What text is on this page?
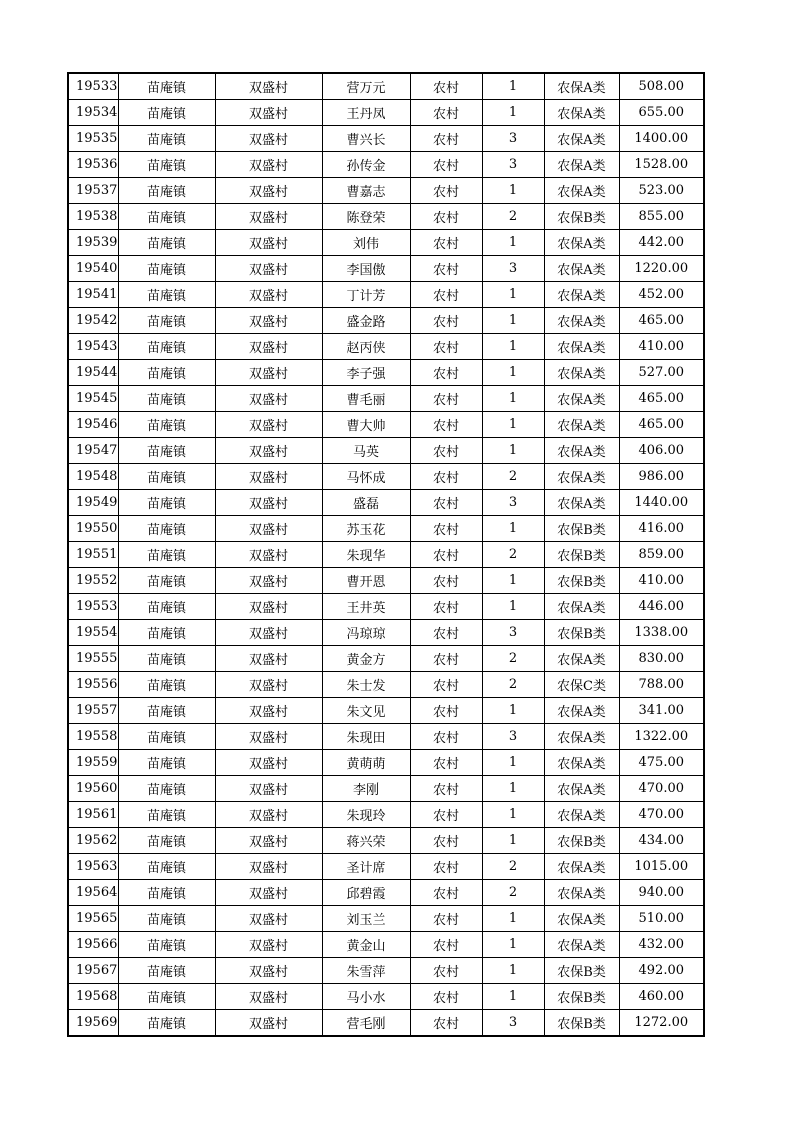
19533	苗庵镇	双盛村	营万元	农村	1	农保A类	508.00
19534	苗庵镇	双盛村	王丹凤	农村	1	农保A类	655.00
19535	苗庵镇	双盛村	曹兴长	农村	3	农保A类	1400.00
19536	苗庵镇	双盛村	孙传金	农村	3	农保A类	1528.00
19537	苗庵镇	双盛村	曹嘉志	农村	1	农保A类	523.00
19538	苗庵镇	双盛村	陈登荣	农村	2	农保B类	855.00
19539	苗庵镇	双盛村	刘伟	农村	1	农保A类	442.00
19540	苗庵镇	双盛村	李国傲	农村	3	农保A类	1220.00
19541	苗庵镇	双盛村	丁计芳	农村	1	农保A类	452.00
19542	苗庵镇	双盛村	盛金路	农村	1	农保A类	465.00
19543	苗庵镇	双盛村	赵丙侠	农村	1	农保A类	410.00
19544	苗庵镇	双盛村	李子强	农村	1	农保A类	527.00
19545	苗庵镇	双盛村	曹毛丽	农村	1	农保A类	465.00
19546	苗庵镇	双盛村	曹大帅	农村	1	农保A类	465.00
19547	苗庵镇	双盛村	马英	农村	1	农保A类	406.00
19548	苗庵镇	双盛村	马怀成	农村	2	农保A类	986.00
19549	苗庵镇	双盛村	盛磊	农村	3	农保A类	1440.00
19550	苗庵镇	双盛村	苏玉花	农村	1	农保B类	416.00
19551	苗庵镇	双盛村	朱现华	农村	2	农保B类	859.00
19552	苗庵镇	双盛村	曹开恩	农村	1	农保B类	410.00
19553	苗庵镇	双盛村	王井英	农村	1	农保A类	446.00
19554	苗庵镇	双盛村	冯琼琼	农村	3	农保B类	1338.00
19555	苗庵镇	双盛村	黄金方	农村	2	农保A类	830.00
19556	苗庵镇	双盛村	朱士发	农村	2	农保C类	788.00
19557	苗庵镇	双盛村	朱文见	农村	1	农保A类	341.00
19558	苗庵镇	双盛村	朱现田	农村	3	农保A类	1322.00
19559	苗庵镇	双盛村	黄萌萌	农村	1	农保A类	475.00
19560	苗庵镇	双盛村	李刚	农村	1	农保A类	470.00
19561	苗庵镇	双盛村	朱现玲	农村	1	农保A类	470.00
19562	苗庵镇	双盛村	蒋兴荣	农村	1	农保B类	434.00
19563	苗庵镇	双盛村	圣计席	农村	2	农保A类	1015.00
19564	苗庵镇	双盛村	邱碧霞	农村	2	农保A类	940.00
19565	苗庵镇	双盛村	刘玉兰	农村	1	农保A类	510.00
19566	苗庵镇	双盛村	黄金山	农村	1	农保A类	432.00
19567	苗庵镇	双盛村	朱雪萍	农村	1	农保B类	492.00
19568	苗庵镇	双盛村	马小水	农村	1	农保B类	460.00
19569	苗庵镇	双盛村	营毛刚	农村	3	农保B类	1272.00
